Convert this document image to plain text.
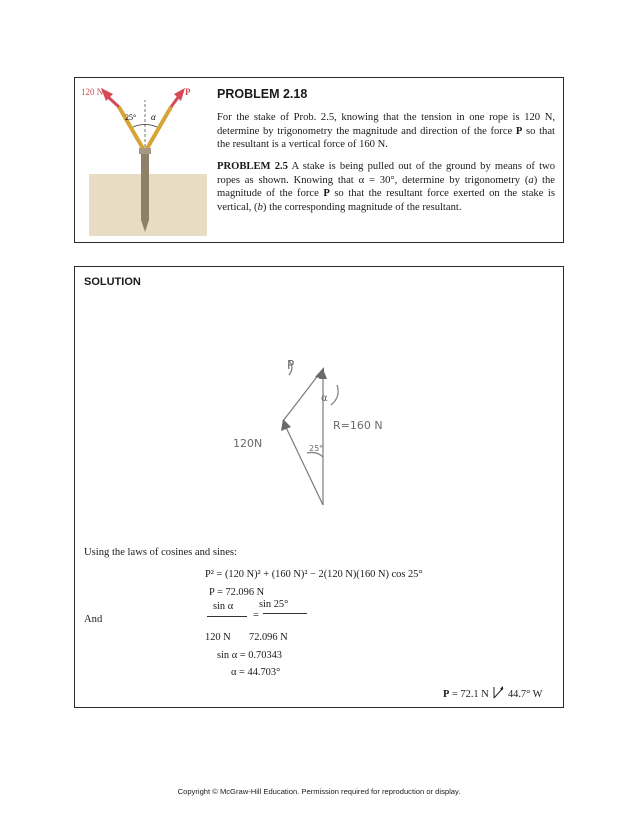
120 N	P
25° α
PROBLEM 2.18
For the stake of Prob. 2.5, knowing that the tension in one rope is 120 N, determine by trigonometry the magnitude and direction of the force P so that the resultant is a vertical force of 160 N.
PROBLEM 2.5 A stake is being pulled out of the ground by means of two ropes as shown. Knowing that α = 30°, determine by trigonometry (a) the magnitude of the force P so that the resultant force exerted on the stake is vertical, (b) the corresponding magnitude of the resultant.
SOLUTION
P
α
R=160 N
120N	25°
Using the laws of cosines and sines:
P² = (120 N)² + (160 N)² − 2(120 N)(160 N) cos 25°
P = 72.096 N
And
sin α
=
sin 25°
120 N 72.096 N
sin α = 0.70343
α = 44.703°
P = 72.1 N 44.7° W
Copyright © McGraw-Hill Education. Permission required for reproduction or display.
